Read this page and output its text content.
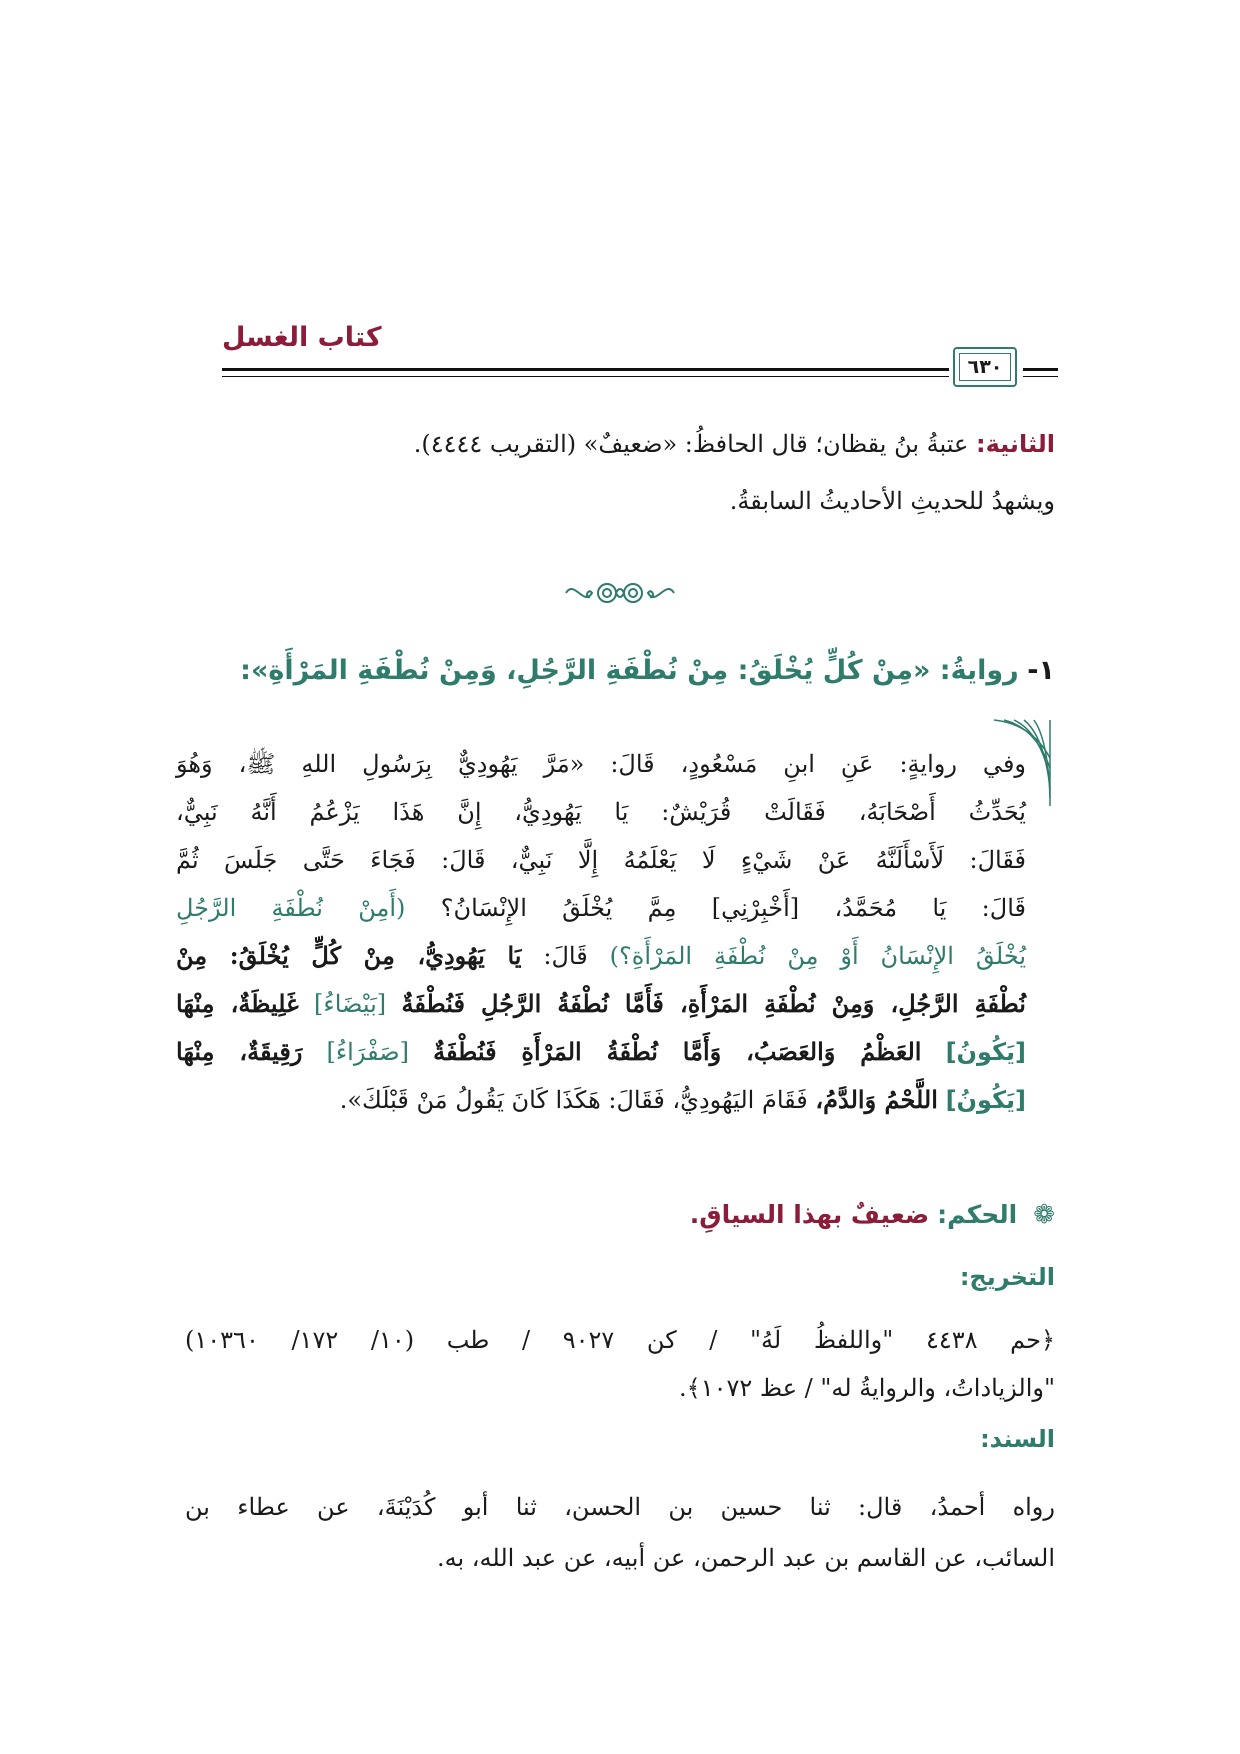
كتاب الغسل
٦٣٠
الثانية: عتبةُ بنُ يقظان؛ قال الحافظُ: «ضعيفٌ» (التقريب ٤٤٤٤).
ويشهدُ للحديثِ الأحاديثُ السابقةُ.
١- روايةُ: «مِنْ كُلٍّ يُخْلَقُ: مِنْ نُطْفَةِ الرَّجُلِ، وَمِنْ نُطْفَةِ المَرْأَةِ»:
وفي روايةٍ: عَنِ ابنِ مَسْعُودٍ، قَالَ: «مَرَّ يَهُودِيٌّ بِرَسُولِ اللهِ ﷺ، وَهُوَ
يُحَدِّثُ أَصْحَابَهُ، فَقَالَتْ قُرَيْشٌ: يَا يَهُودِيُّ، إِنَّ هَذَا يَزْعُمُ أَنَّهُ نَبِيٌّ،
فَقَالَ: لَأَسْأَلَنَّهُ عَنْ شَيْءٍ لَا يَعْلَمُهُ إِلَّا نَبِيٌّ، قَالَ: فَجَاءَ حَتَّى جَلَسَ ثُمَّ
قَالَ: يَا مُحَمَّدُ، [أَخْبِرْنِي] مِمَّ يُخْلَقُ الإِنْسَانُ؟ (أَمِنْ نُطْفَةِ الرَّجُلِ
يُخْلَقُ الإِنْسَانُ أَوْ مِنْ نُطْفَةِ المَرْأَةِ؟) قَالَ: يَا يَهُودِيُّ، مِنْ كُلٍّ يُخْلَقُ: مِنْ
نُطْفَةِ الرَّجُلِ، وَمِنْ نُطْفَةِ المَرْأَةِ، فَأَمَّا نُطْفَةُ الرَّجُلِ فَنُطْفَةٌ [بَيْضَاءُ] غَلِيظَةٌ، مِنْهَا
[يَكُونُ] العَظْمُ وَالعَصَبُ، وَأَمَّا نُطْفَةُ المَرْأَةِ فَنُطْفَةٌ [صَفْرَاءُ] رَقِيقَةٌ، مِنْهَا
[يَكُونُ] اللَّحْمُ وَالدَّمُ، فَقَامَ اليَهُودِيُّ، فَقَالَ: هَكَذَا كَانَ يَقُولُ مَنْ قَبْلَكَ».
❁ الحكم: ضعيفٌ بهذا السياقِ.
التخريج:
﴿حم ٤٤٣٨ "واللفظُ لَهُ" / كن ٩٠٢٧ / طب (١٠/ ١٧٢/ ١٠٣٦٠)
"والزياداتُ، والروايةُ له" / عظ ١٠٧٢﴾.
السند:
رواه أحمدُ، قال: ثنا حسين بن الحسن، ثنا أبو كُدَيْنَةَ، عن عطاء بن
السائب، عن القاسم بن عبد الرحمن، عن أبيه، عن عبد الله، به.
